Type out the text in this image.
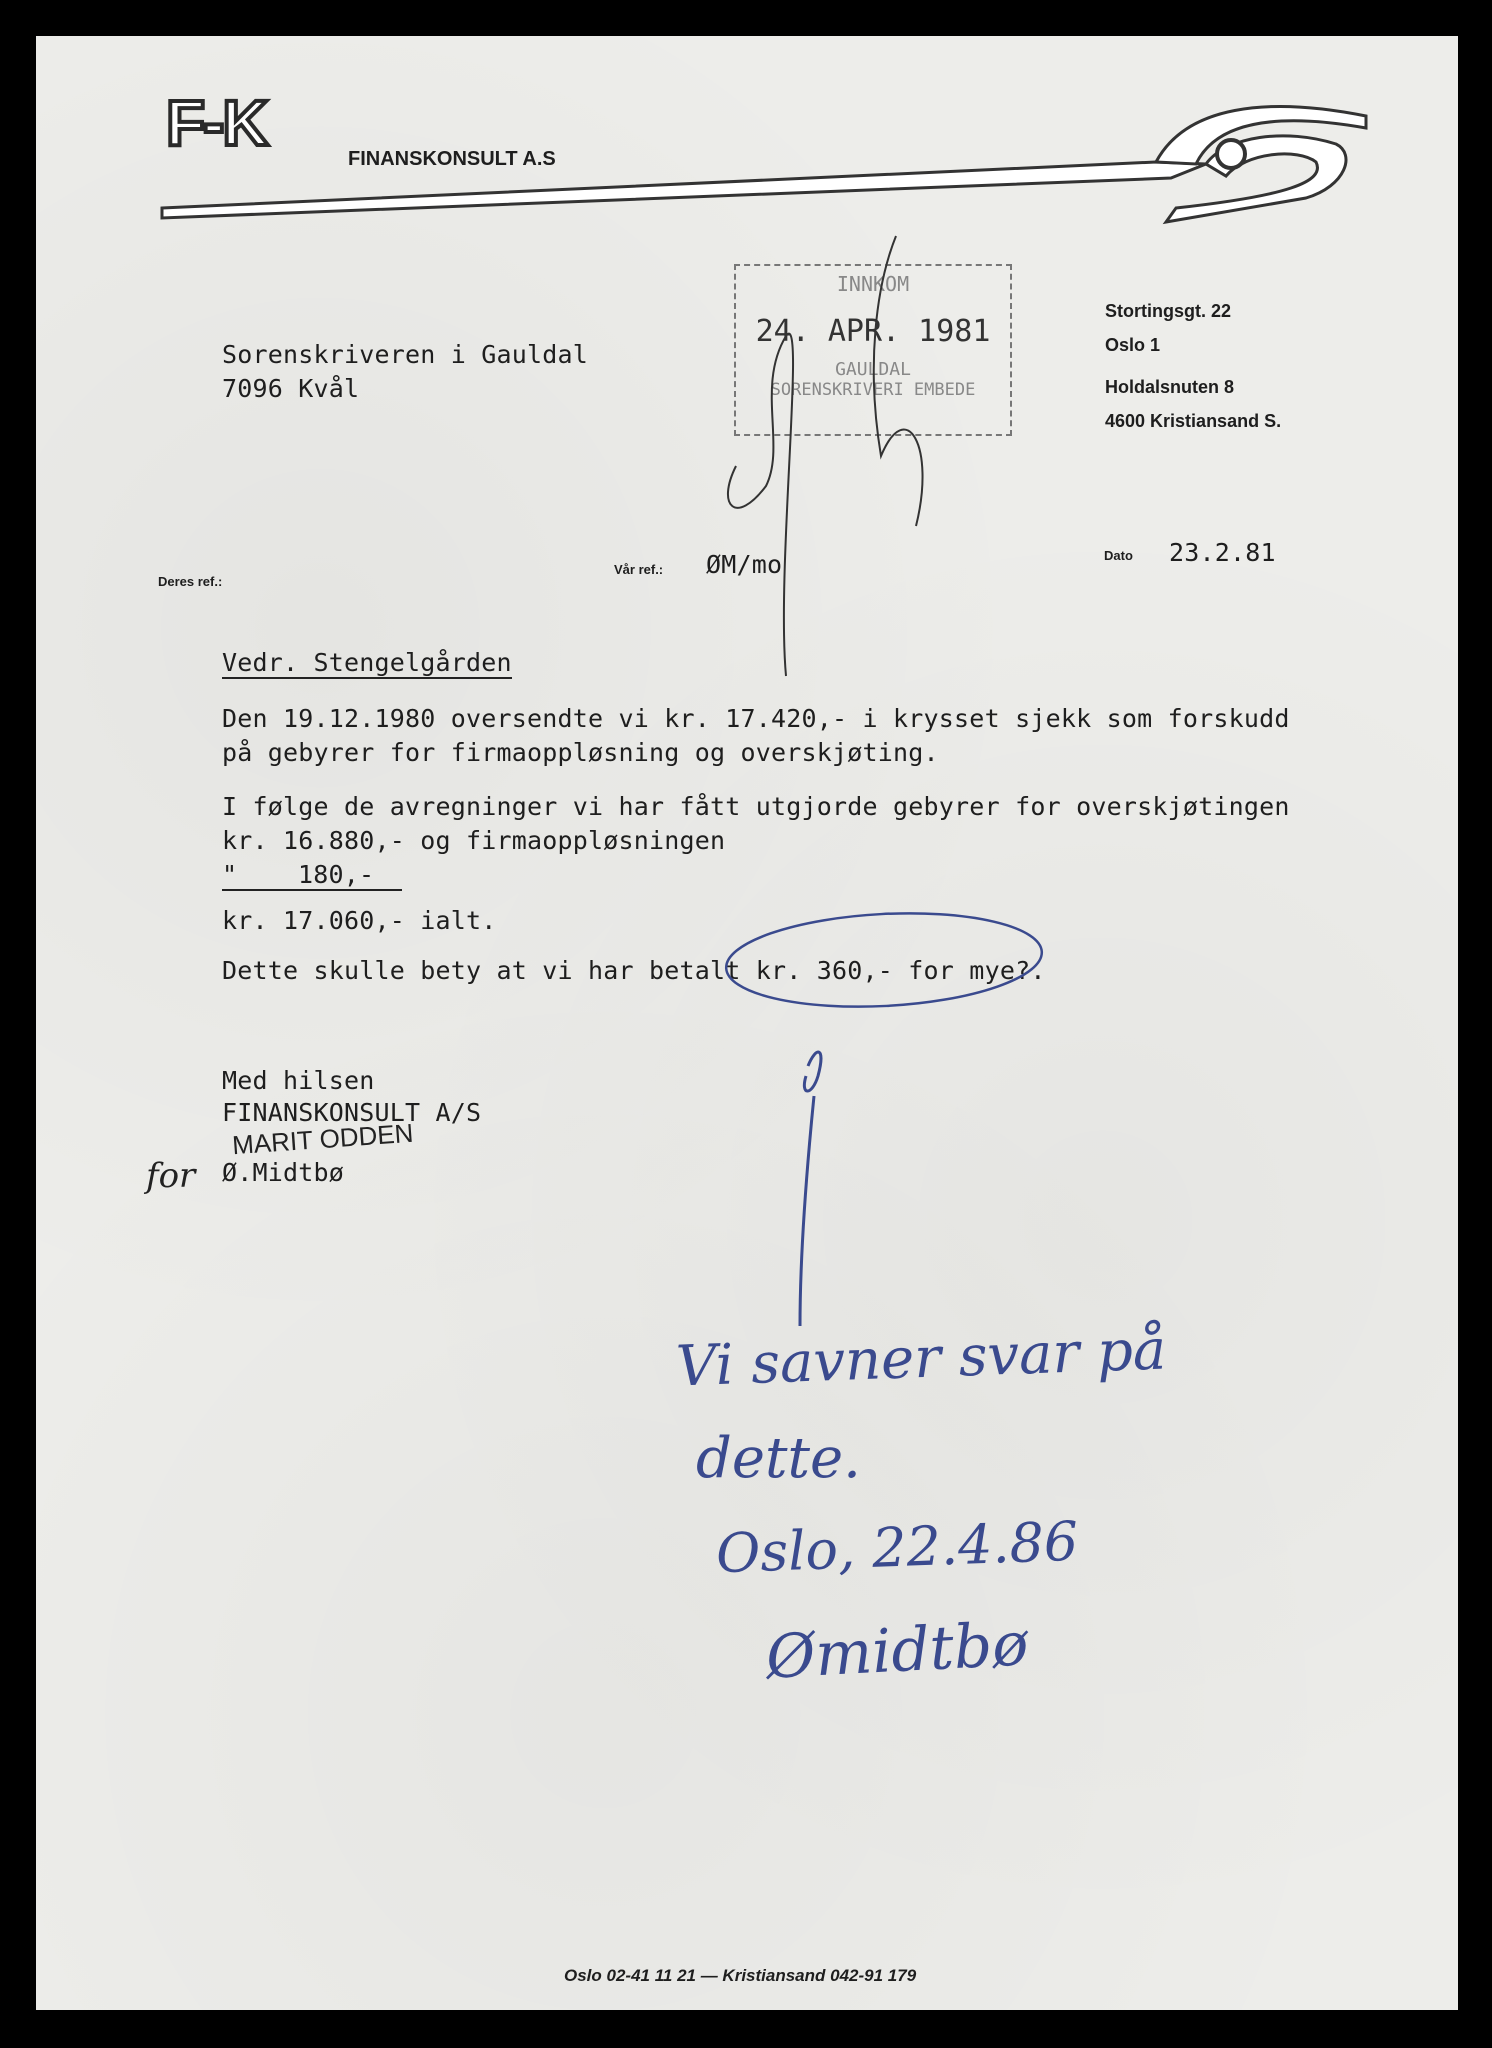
F-K	FINANSKONSULT A.S
Stortingsgt. 22
Oslo 1
Holdalsnuten 8
4600 Kristiansand S.
INNKOM
24. APR. 1981
GAULDAL
SORENSKRIVERI EMBEDE
Sorenskriveren i Gauldal
7096 Kvål
Deres ref.:
Vår ref.: ØM/mo	Dato 23.2.81
Vedr. Stengelgården
Den 19.12.1980 oversendte vi kr. 17.420,- i krysset sjekk som forskudd
på gebyrer for firmaoppløsning og overskjøting.
I følge de avregninger vi har fått utgjorde gebyrer for overskjøtingen
kr. 16.880,- og firmaoppløsningen
" 180,-
kr. 17.060,- ialt.
Dette skulle bety at vi har betalt kr. 360,- for mye?.
Med hilsen
FINANSKONSULT A/S
MARIT ODDEN
for Ø.Midtbø
Vi savner svar på
dette.
Oslo, 22.4.86
Ømidtbø
Oslo 02-41 11 21 — Kristiansand 042-91 179
